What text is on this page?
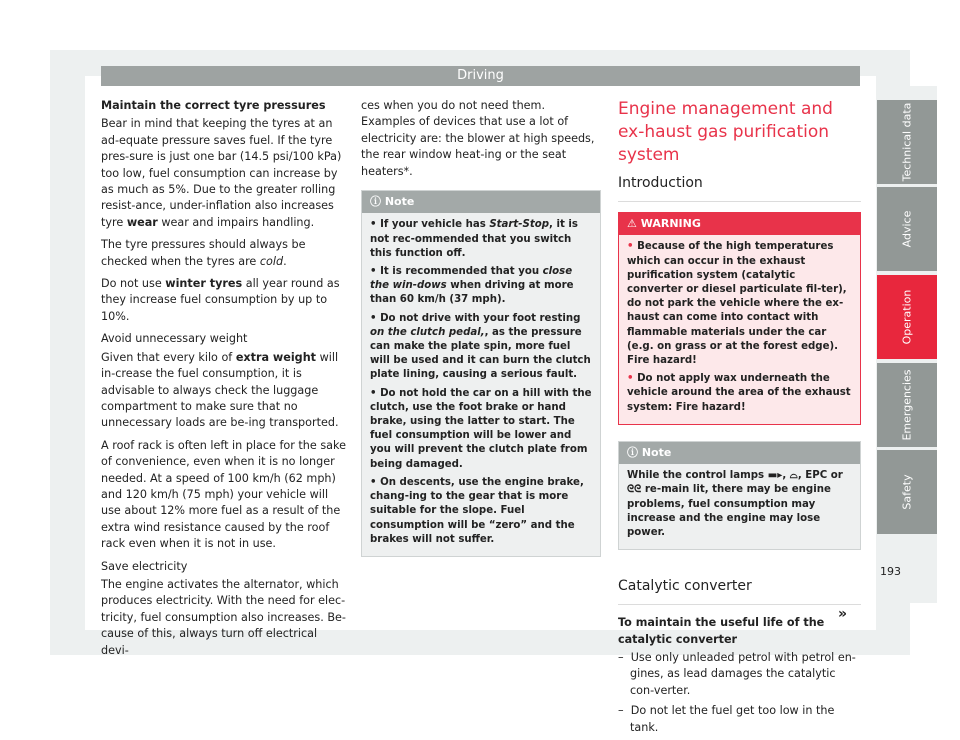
Driving
Maintain the correct tyre pressures

Bear in mind that keeping the tyres at an ad-equate pressure saves fuel. If the tyre pres-sure is just one bar (14.5 psi/100 kPa) too low, fuel consumption can increase by as much as 5%. Due to the greater rolling resist-ance, under-inflation also increases tyre wear wear and impairs handling.

The tyre pressures should always be checked when the tyres are cold.

Do not use winter tyres all year round as they increase fuel consumption by up to 10%.

Avoid unnecessary weight

Given that every kilo of extra weight will in-crease the fuel consumption, it is advisable to always check the luggage compartment to make sure that no unnecessary loads are be-ing transported.

A roof rack is often left in place for the sake of convenience, even when it is no longer needed. At a speed of 100 km/h (62 mph) and 120 km/h (75 mph) your vehicle will use about 12% more fuel as a result of the extra wind resistance caused by the roof rack even when it is not in use.

Save electricity

The engine activates the alternator, which produces electricity. With the need for elec-tricity, fuel consumption also increases. Be-cause of this, always turn off electrical devi-

ces when you do not need them. Examples of devices that use a lot of electricity are: the blower at high speeds, the rear window heat-ing or the seat heaters*.

ⓘ Note
• If your vehicle has Start-Stop, it is not rec-ommended that you switch this function off.
• It is recommended that you close the win-dows when driving at more than 60 km/h (37 mph).
• Do not drive with your foot resting on the clutch pedal,, as the pressure can make the plate spin, more fuel will be used and it can burn the clutch plate lining, causing a serious fault.
• Do not hold the car on a hill with the clutch, use the foot brake or hand brake, using the latter to start. The fuel consumption will be lower and you will prevent the clutch plate from being damaged.
• On descents, use the engine brake, chang-ing to the gear that is more suitable for the slope. Fuel consumption will be “zero” and the brakes will not suffer.
Engine management and ex-haust gas purification system
Introduction
⚠ WARNING
• Because of the high temperatures which can occur in the exhaust purification system (catalytic converter or diesel particulate fil-ter), do not park the vehicle where the ex-haust can come into contact with flammable materials under the car (e.g. on grass or at the forest edge). Fire hazard!
• Do not apply wax underneath the vehicle around the area of the exhaust system: Fire hazard!
ⓘ Note
While the control lamps ▬▸, ⌓, EPC or ᘓᘓ re-main lit, there may be engine problems, fuel consumption may increase and the engine may lose power.
Catalytic converter
To maintain the useful life of the catalytic converter
– Use only unleaded petrol with petrol en-gines, as lead damages the catalytic con-verter.
– Do not let the fuel get too low in the tank.
»
Technical data
Advice
Operation
Emergencies
Safety
193
